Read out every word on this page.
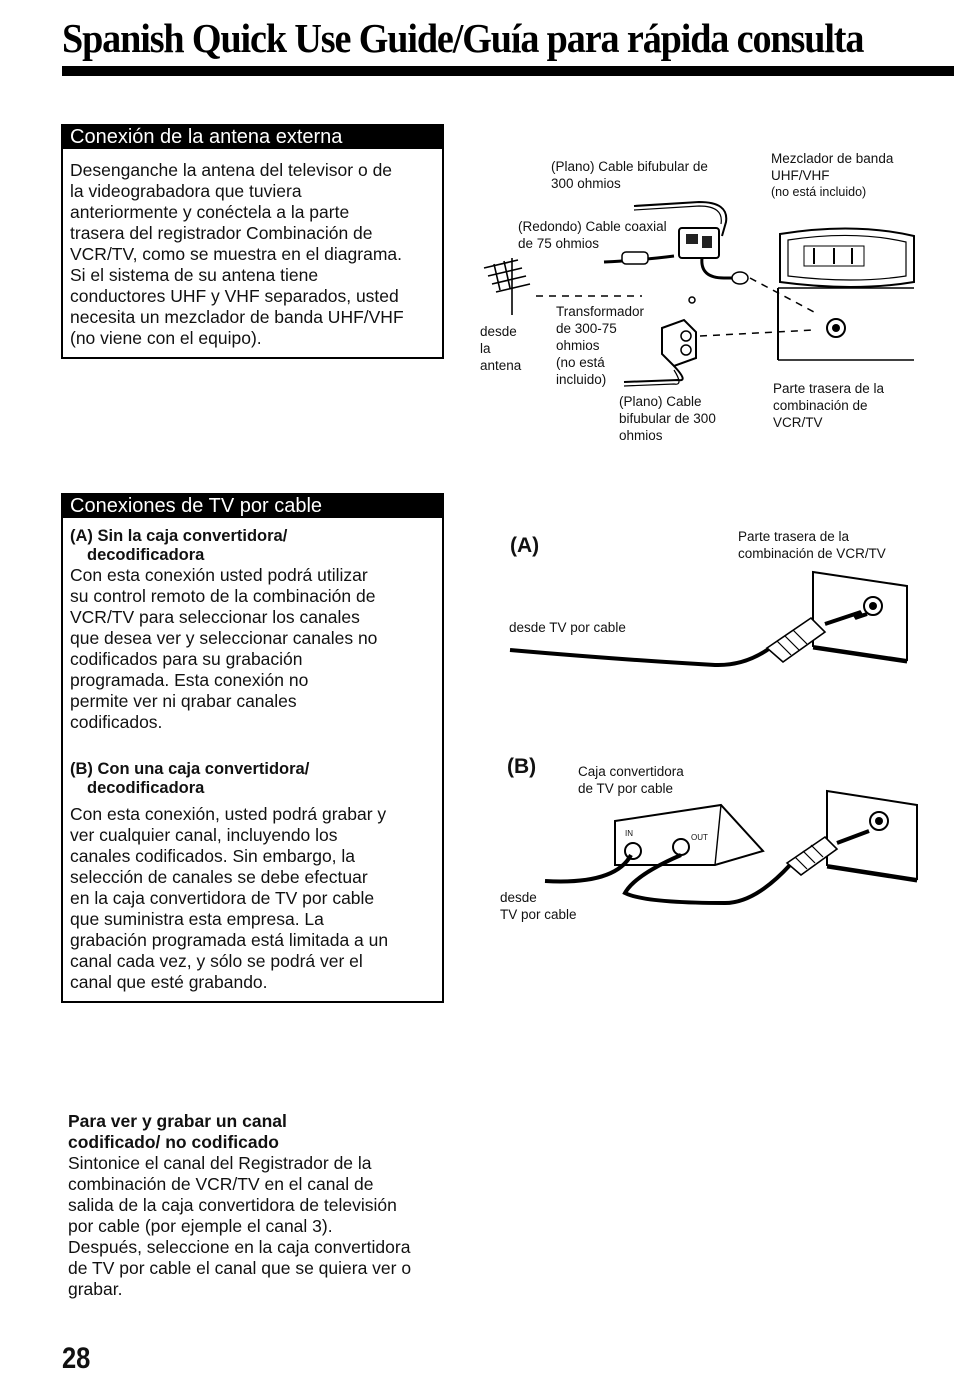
Spanish Quick Use Guide/Guía para rápida consulta
Conexión de la antena externa
Desenganche la antena del televisor o de
la videograbadora que tuviera
anteriormente y conéctela a la parte
trasera del registrador Combinación de
VCR/TV, como se muestra en el diagrama.
Si el sistema de su antena tiene
conductores UHF y VHF separados, usted
necesita un mezclador de banda UHF/VHF
(no viene con el equipo).
(Plano) Cable bifubular de
300 ohmios
(Redondo) Cable coaxial
de 75 ohmios
Mezclador de banda
UHF/VHF
(no está incluido)
Transformador
de 300-75
ohmios
(no está
incluido)
desde
la
antena
(Plano) Cable
bifubular de 300
ohmios
Parte trasera de la
combinación de
VCR/TV
Conexiones de TV por cable
(A) Sin la caja convertidora/
decodificadora
Con esta conexión usted podrá utilizar
su control remoto de la combinación de
VCR/TV para seleccionar los canales
que desea ver y seleccionar canales no
codificados para su grabación
programada. Esta conexión no
permite ver ni qrabar canales
codificados.
(B) Con una caja convertidora/
decodificadora
Con esta conexión, usted podrá grabar y
ver cualquier canal, incluyendo los
canales codificados. Sin embargo, la
selección de canales se debe efectuar
en la caja convertidora de TV por cable
que suministra esta empresa. La
grabación programada está limitada a un
canal cada vez, y sólo se podrá ver el
canal que esté grabando.
(A)	Parte trasera de la
combinación de VCR/TV
desde TV por cable
(B)	Caja convertidora
de TV por cable
IN	OUT
desde
TV por cable
Para ver y grabar un canal
codificado/ no codificado
Sintonice el canal del Registrador de la
combinación de VCR/TV en el canal de
salida de la caja convertidora de televisión
por cable (por ejemple el canal 3).
Después, seleccione en la caja convertidora
de TV por cable el canal que se quiera ver o
grabar.
28
